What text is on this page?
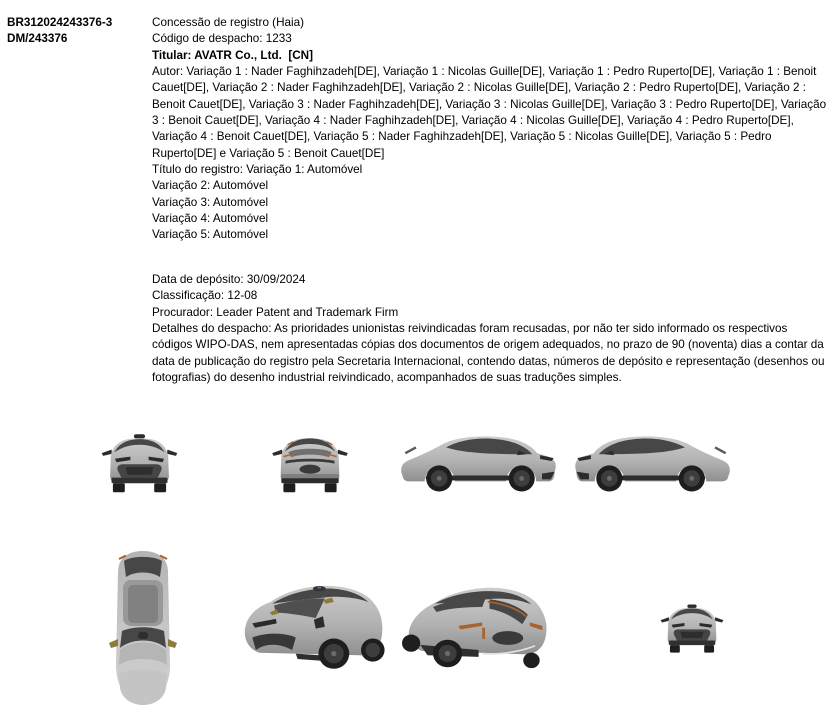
BR312024243376-3
DM/243376
Concessão de registro (Haia)
Código de despacho: 1233
Titular: AVATR Co., Ltd.  [CN]
Autor: Variação 1 : Nader Faghihzadeh[DE], Variação 1 : Nicolas Guille[DE], Variação 1 : Pedro Ruperto[DE], Variação 1 : Benoit Cauet[DE], Variação 2 : Nader Faghihzadeh[DE], Variação 2 : Nicolas Guille[DE], Variação 2 : Pedro Ruperto[DE], Variação 2 : Benoit Cauet[DE], Variação 3 : Nader Faghihzadeh[DE], Variação 3 : Nicolas Guille[DE], Variação 3 : Pedro Ruperto[DE], Variação 3 : Benoit Cauet[DE], Variação 4 : Nader Faghihzadeh[DE], Variação 4 : Nicolas Guille[DE], Variação 4 : Pedro Ruperto[DE], Variação 4 : Benoit Cauet[DE], Variação 5 : Nader Faghihzadeh[DE], Variação 5 : Nicolas Guille[DE], Variação 5 : Pedro Ruperto[DE] e Variação 5 : Benoit Cauet[DE]
Título do registro: Variação 1: Automóvel
Variação 2: Automóvel
Variação 3: Automóvel
Variação 4: Automóvel
Variação 5: Automóvel
Data de depósito: 30/09/2024
Classificação: 12-08
Procurador: Leader Patent and Trademark Firm
Detalhes do despacho: As prioridades unionistas reivindicadas foram recusadas, por não ter sido informado os respectivos códigos WIPO-DAS, nem apresentadas cópias dos documentos de origem adequados, no prazo de 90 (noventa) dias a contar da data de publicação do registro pela Secretaria Internacional, contendo datas, números de depósito e representação (desenhos ou fotografias) do desenho industrial reivindicado, acompanhados de suas traduções simples.
